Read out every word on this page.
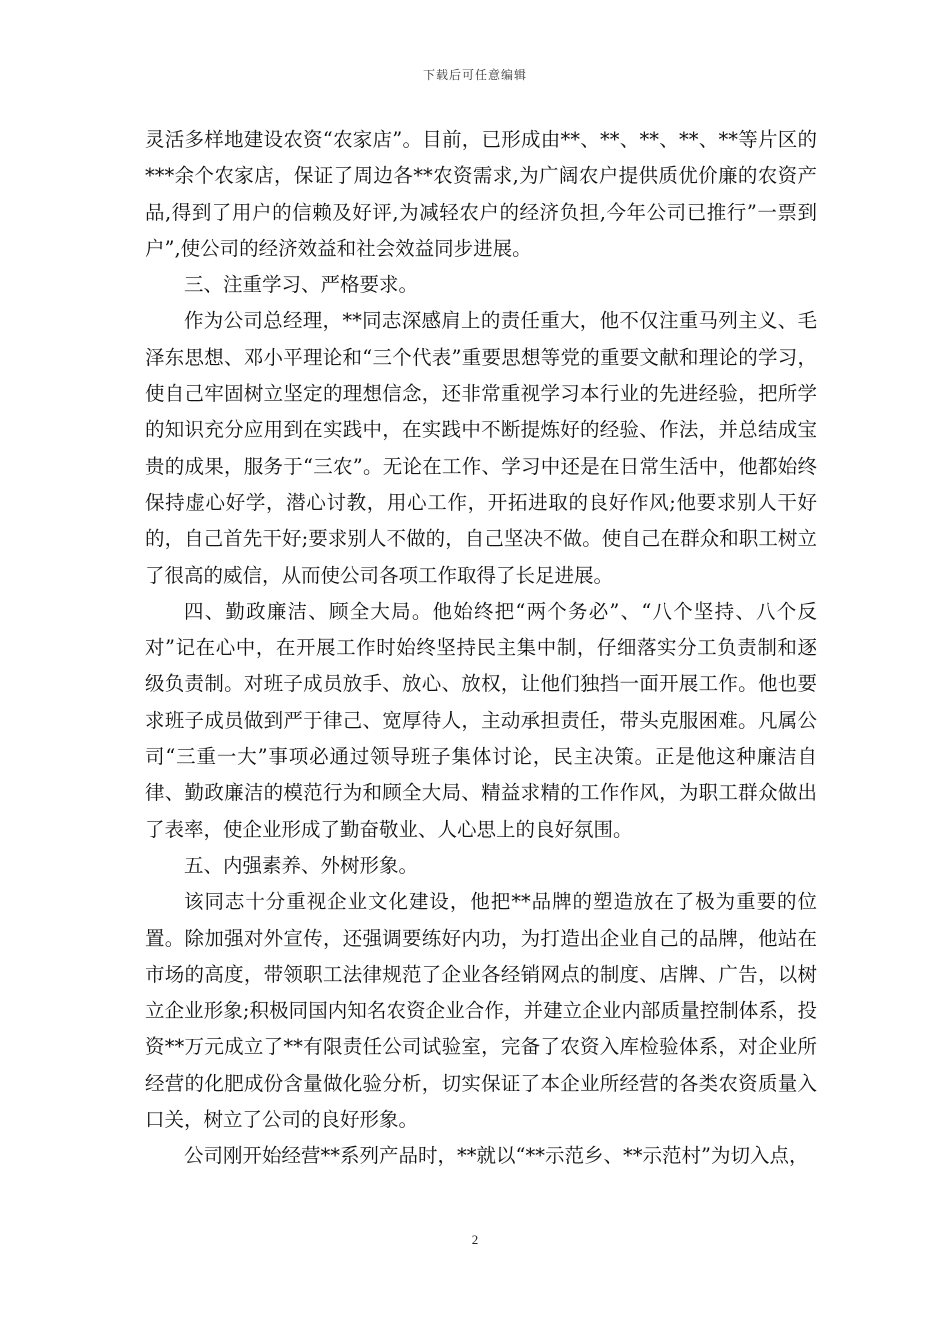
下载后可任意编辑

灵活多样地建设农资“农家店”。目前，已形成由**、**、**、**、**等片区的***余个农家店，保证了周边各**农资需求,为广阔农户提供质优价廉的农资产品,得到了用户的信赖及好评,为减轻农户的经济负担,今年公司已推行”一票到户”,使公司的经济效益和社会效益同步进展。

三、注重学习、严格要求。

作为公司总经理，**同志深感肩上的责任重大，他不仅注重马列主义、毛泽东思想、邓小平理论和“三个代表”重要思想等党的重要文献和理论的学习，使自己牢固树立坚定的理想信念，还非常重视学习本行业的先进经验，把所学的知识充分应用到在实践中，在实践中不断提炼好的经验、作法，并总结成宝贵的成果，服务于“三农”。无论在工作、学习中还是在日常生活中，他都始终保持虚心好学，潜心讨教，用心工作，开拓进取的良好作风;他要求别人干好的，自己首先干好;要求别人不做的，自己坚决不做。使自己在群众和职工树立了很高的威信，从而使公司各项工作取得了长足进展。

四、勤政廉洁、顾全大局。他始终把“两个务必”、“八个坚持、八个反对”记在心中，在开展工作时始终坚持民主集中制，仔细落实分工负责制和逐级负责制。对班子成员放手、放心、放权，让他们独挡一面开展工作。他也要求班子成员做到严于律己、宽厚待人，主动承担责任，带头克服困难。凡属公司“三重一大”事项必通过领导班子集体讨论，民主决策。正是他这种廉洁自律、勤政廉洁的模范行为和顾全大局、精益求精的工作作风，为职工群众做出了表率，使企业形成了勤奋敬业、人心思上的良好氛围。

五、内强素养、外树形象。

该同志十分重视企业文化建设，他把**品牌的塑造放在了极为重要的位置。除加强对外宣传，还强调要练好内功，为打造出企业自己的品牌，他站在市场的高度，带领职工法律规范了企业各经销网点的制度、店牌、广告，以树立企业形象;积极同国内知名农资企业合作，并建立企业内部质量控制体系，投资**万元成立了**有限责任公司试验室，完备了农资入库检验体系，对企业所经营的化肥成份含量做化验分析，切实保证了本企业所经营的各类农资质量入口关，树立了公司的良好形象。

公司刚开始经营**系列产品时，**就以“**示范乡、**示范村”为切入点，

2
